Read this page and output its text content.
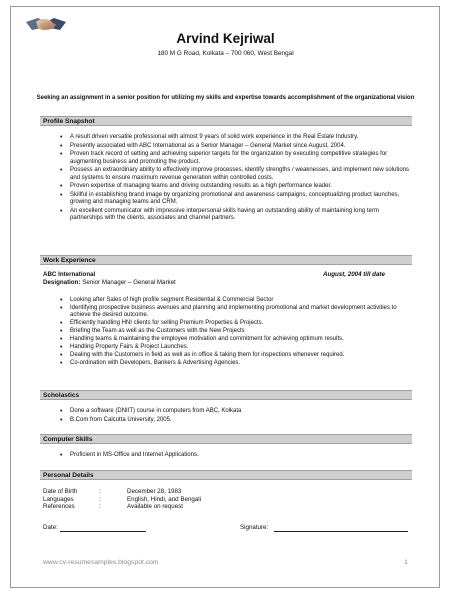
Arvind Kejriwal
180 M G Road, Kolkata – 700 060, West Bengal
Seeking an assignment in a senior position for utilizing my skills and expertise towards accomplishment of the organizational vision
Profile Snapshot
• A result driven versatile professional with almost 9 years of solid work experience in the Real Estate Industry.
• Presently associated with ABC International as a Senior Manager – General Market since August, 2004.
• Proven track record of setting and achieving superior targets for the organization by executing competitive strategies for augmenting business and promoting the product.
• Possess an extraordinary ability to effectively improve processes, identify strengths / weaknesses, and implement new solutions and systems to ensure maximum revenue generation within controlled costs.
• Proven expertise of managing teams and driving outstanding results as a high performance leader.
• Skillful in establishing brand image by organizing promotional and awareness campaigns, conceptualizing product launches, growing and managing teams and CRM.
• An excellent communicator with impressive interpersonal skills having an outstanding ability of maintaining long term partnerships with the clients, associates and channel partners.
Work Experience
ABC International	August, 2004 till date
Designation: Senior Manager – General Market
• Looking after Sales of high profile segment Residential & Commercial Sector
• Identifying prospective business avenues and planning and implementing promotional and market development activities to achieve the desired outcome.
• Efficiently handling HNI clients for selling Premium Properties & Projects.
• Briefing the Team as well as the Customers with the New Projects
• Handling teams & maintaining the employee motivation and commitment for achieving optimum results.
• Handling Property Fairs & Project Launches.
• Dealing with the Customers in field as well as in office & taking them for inspections whenever required.
• Co-ordination with Developers, Bankers & Advertising Agencies.
Scholastics
• Done a software (DNIIT) course in computers from ABC, Kolkata
• B.Com from Calcutta University, 2005.
Computer Skills
• Proficient in MS-Office and Internet Applications.
Personal Details
Date of Birth	:	December 28, 1983
Languages	:	English, Hindi, and Bengali
References	:	Available on request
Date:	Signature:
www.cv-resumesamples.blogspot.com	1
